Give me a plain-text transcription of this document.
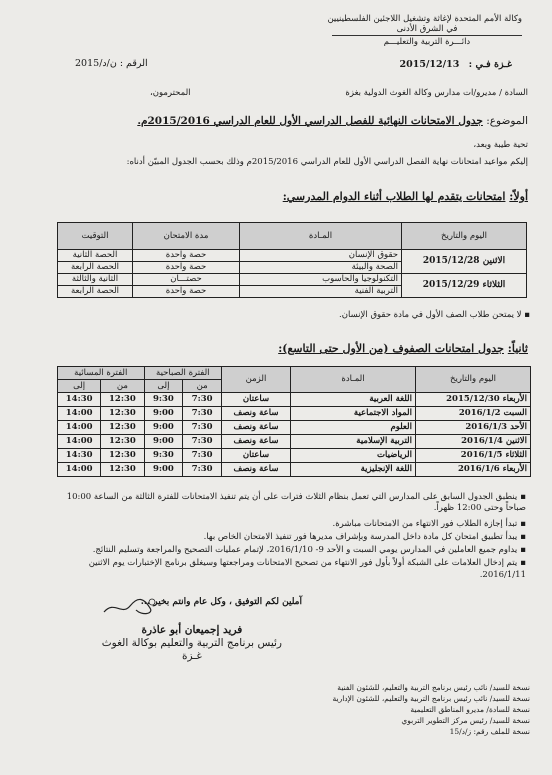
وكالة الأمم المتحدة لإغاثة وتشغيل اللاجئين الفلسطينيين
في الشرق الأدنى
دائـــرة التربية والتعليـــم
غـزة فـي : 2015/12/13
الرقم : ن/د/2015
السادة / مديرو/ات مدارس وكالة الغوث الدولية بغزة
المحترمون،
الموضوع: جدول الامتحانات النهائية للفصل الدراسي الأول للعام الدراسي 2015/2016م.
تحية طيبة وبعد،
إليكم مواعيد امتحانات نهاية الفصل الدراسي الأول للعام الدراسي 2015/2016م وذلك بحسب الجدول المبيّن أدناه:
أولاً: امتحانات يتقدم لها الطلاب أثناء الدوام المدرسي:
اليوم والتاريخ	المـادة	مدة الامتحان	التوقيت
الاثنين 2015/12/28	حقوق الإنسان	حصة واحدة	الحصة الثانية
	الصحة والبيئة	حصة واحدة	الحصة الرابعة
الثلاثاء 2015/12/29	التكنولوجيا والحاسوب	حصتـــان	الثانية والثالثة
	التربية الفنية	حصة واحدة	الحصة الرابعة
▪ لا يمتحن طلاب الصف الأول في مادة حقوق الإنسان.
ثانياً: جدول امتحانات الصفوف (من الأول حتى التاسع):
اليوم والتاريخ	المـادة	الزمن	الفترة الصباحية		الفترة المسائية	
			من	إلى	من	إلى
الأربعاء 2015/12/30	اللغة العربية	ساعتان	7:30	9:30	12:30	14:30
السبت 2016/1/2	المواد الاجتماعية	ساعة ونصف	7:30	9:00	12:30	14:00
الأحد 2016/1/3	العلوم	ساعة ونصف	7:30	9:00	12:30	14:00
الاثنين 2016/1/4	التربية الإسلامية	ساعة ونصف	7:30	9:00	12:30	14:00
الثلاثاء 2016/1/5	الرياضيات	ساعتان	7:30	9:30	12:30	14:30
الأربعاء 2016/1/6	اللغة الإنجليزية	ساعة ونصف	7:30	9:00	12:30	14:00
▪ينطبق الجدول السابق على المدارس التي تعمل بنظام الثلاث فترات على أن يتم تنفيذ الامتحانات للفترة الثالثة من الساعة 10:00 صباحاً وحتى 12:00 ظهراً.
▪تبدأ إجازة الطلاب فور الانتهاء من الامتحانات مباشرة.
▪يبدأ تطبيق امتحان كل مادة داخل المدرسة وبإشراف مديرها فور تنفيذ الامتحان الخاص بها.
▪يداوم جميع العاملين في المدارس يومي السبت و الأحد 9- 2016/1/10، لإتمام عمليات التصحيح والمراجعة وتسليم النتائج.
▪يتم إدخال العلامات على الشبكة أولاً بأول فور الانتهاء من تصحيح الامتحانات ومراجعتها وسيغلق برنامج الإختبارات يوم الاثنين 2016/1/11.
آملين لكم التوفيق ، وكل عام وانتم بخير ...
فريد إجميعان أبو عاذرة
رئيس برنامج التربية والتعليم بوكالة الغوث
غـزة
نسخة للسيد/ نائب رئيس برنامج التربية والتعليم، للشئون الفنية
نسخة للسيد/ نائب رئيس برنامج التربية والتعليم، للشئون الإدارية
نسخة للسادة/ مديرو المناطق التعليمية
نسخة للسيد/ رئيس مركز التطوير التربوي
نسخة للملف رقم: ز/د/15
